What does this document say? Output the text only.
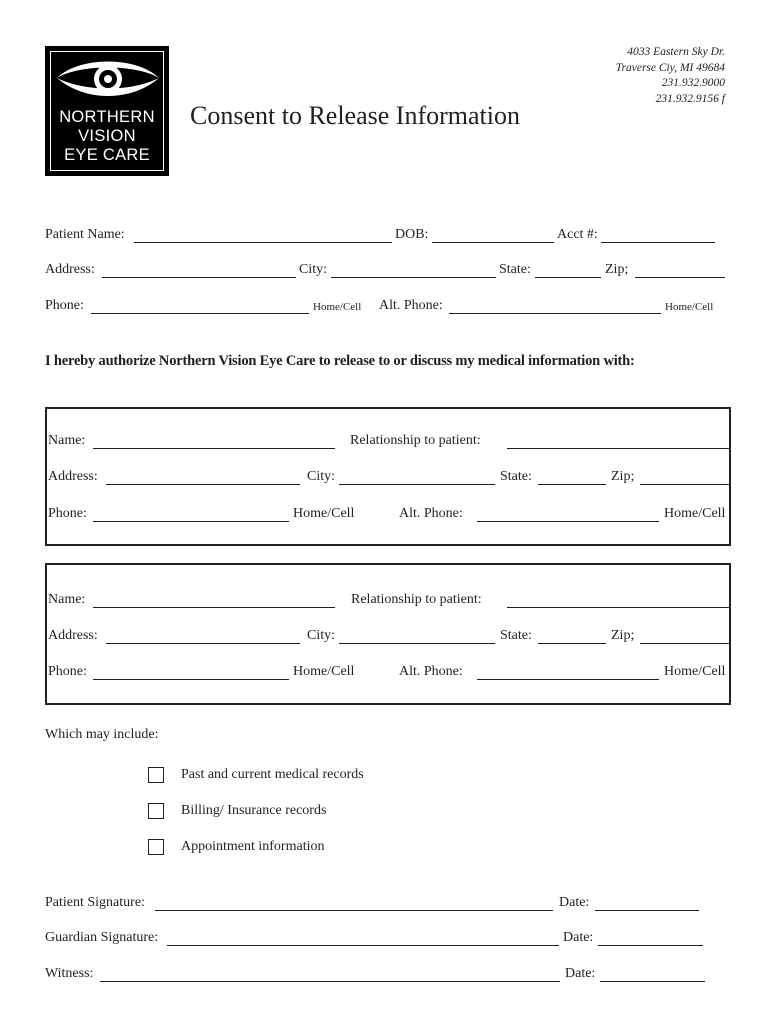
NORTHERN
VISION
EYE CARE
Consent to Release Information
4033 Eastern Sky Dr.
Traverse Ciy, MI 49684
231.932.9000
231.932.9156 f
Patient Name:	DOB:	Acct #:
Address:	City:	State:	Zip;
Phone:	Home/Cell Alt. Phone:	Home/Cell
I hereby authorize Northern Vision Eye Care to release to or discuss my medical information with:
Name:	Relationship to patient:
Address:	City:	State:	Zip;
Phone:	Home/Cell	Alt. Phone:	Home/Cell
Name:	Relationship to patient:
Address:	City:	State:	Zip;
Phone:	Home/Cell	Alt. Phone:	Home/Cell
Which may include:
Past and current medical records
Billing/ Insurance records
Appointment information
Patient Signature:	Date:
Guardian Signature:	Date:
Witness:	Date:
